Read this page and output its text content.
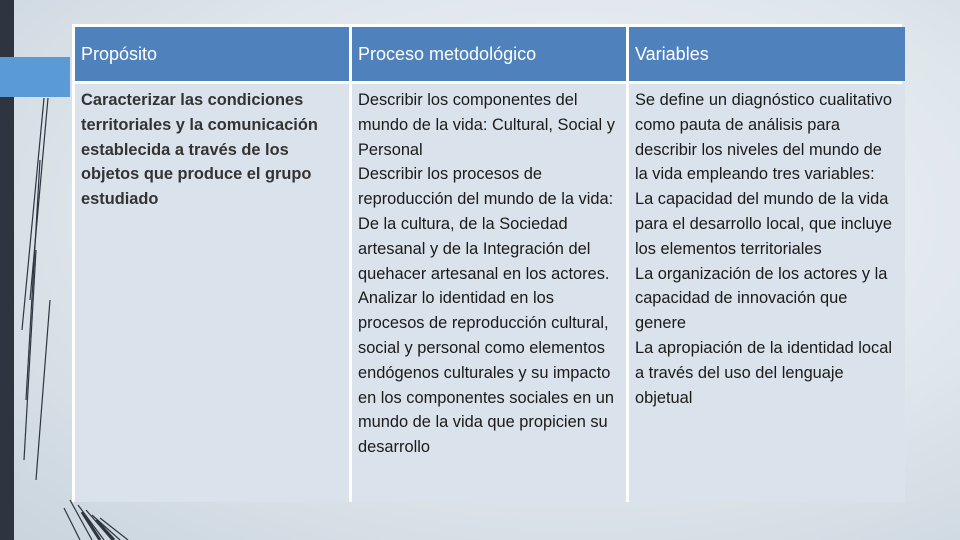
Propósito	Proceso metodológico	Variables

Caracterizar las condiciones territoriales y la comunicación establecida a través de los objetos que produce el grupo estudiado

Describir los componentes del mundo de la vida: Cultural, Social y Personal

Describir los procesos de reproducción del mundo de la vida: De la cultura, de la Sociedad artesanal y de la Integración del quehacer artesanal en los actores.

Analizar lo identidad en los procesos de reproducción cultural, social y personal como elementos endógenos culturales y su impacto en los componentes sociales en un mundo de la vida que propicien su desarrollo

Se define un diagnóstico cualitativo como pauta de análisis para describir los niveles del mundo de la vida empleando tres variables:

La capacidad del mundo de la vida para el desarrollo local, que incluye los elementos territoriales

La organización de los actores y la capacidad de innovación que genere

La apropiación de la identidad local a través del uso del lenguaje objetual
